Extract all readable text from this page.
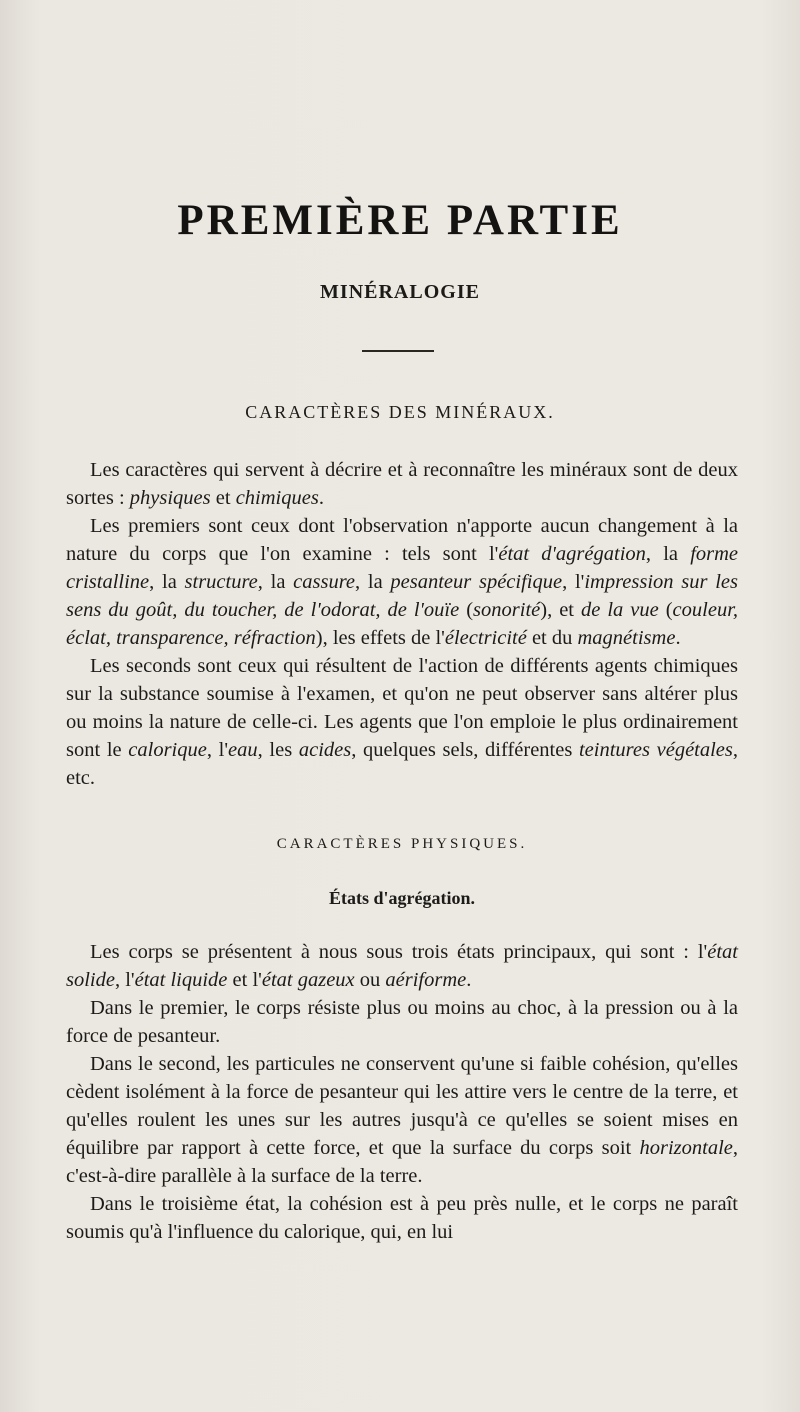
PREMIÈRE PARTIE
MINÉRALOGIE
CARACTÈRES DES MINÉRAUX.

Les caractères qui servent à décrire et à reconnaître les minéraux sont de deux sortes : physiques et chimiques.

Les premiers sont ceux dont l'observation n'apporte aucun changement à la nature du corps que l'on examine : tels sont l'état d'agrégation, la forme cristalline, la structure, la cassure, la pesanteur spécifique, l'impression sur les sens du goût, du toucher, de l'odorat, de l'ouïe (sonorité), et de la vue (couleur, éclat, transparence, réfraction), les effets de l'électricité et du magnétisme.

Les seconds sont ceux qui résultent de l'action de différents agents chimiques sur la substance soumise à l'examen, et qu'on ne peut observer sans altérer plus ou moins la nature de celle-ci. Les agents que l'on emploie le plus ordinairement sont le calorique, l'eau, les acides, quelques sels, différentes teintures végétales, etc.

CARACTÈRES PHYSIQUES.
États d'agrégation.

Les corps se présentent à nous sous trois états principaux, qui sont : l'état solide, l'état liquide et l'état gazeux ou aériforme.

Dans le premier, le corps résiste plus ou moins au choc, à la pression ou à la force de pesanteur.

Dans le second, les particules ne conservent qu'une si faible cohésion, qu'elles cèdent isolément à la force de pesanteur qui les attire vers le centre de la terre, et qu'elles roulent les unes sur les autres jusqu'à ce qu'elles se soient mises en équilibre par rapport à cette force, et que la surface du corps soit horizontale, c'est-à-dire parallèle à la surface de la terre.

Dans le troisième état, la cohésion est à peu près nulle, et le corps ne paraît soumis qu'à l'influence du calorique, qui, en lui
